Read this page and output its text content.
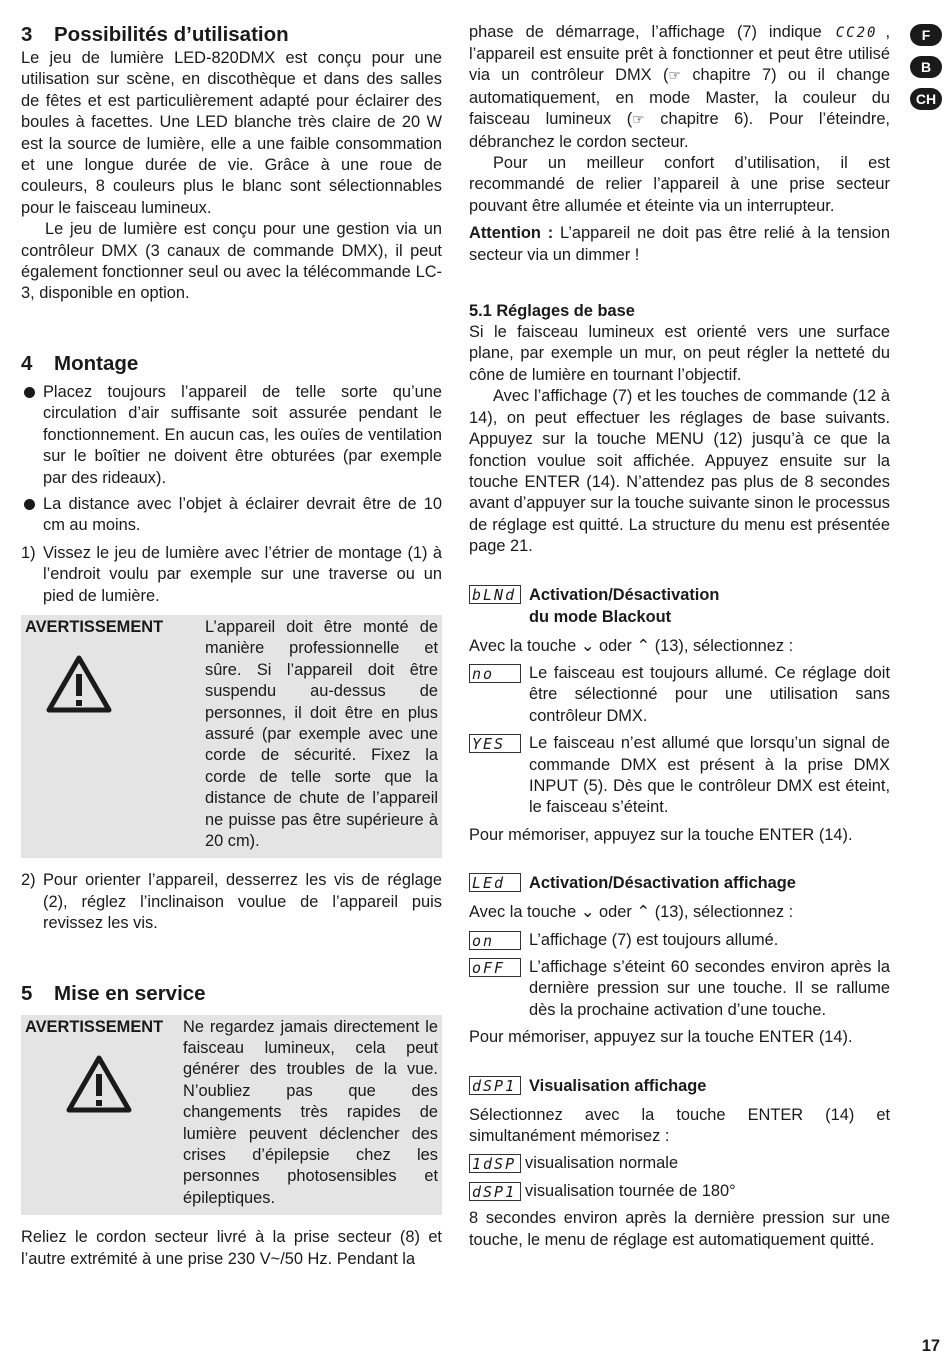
3 Possibilités d’utilisation

Le jeu de lumière LED-820DMX est conçu pour une utilisation sur scène, en discothèque et dans des salles de fêtes et est particulièrement adapté pour éclairer des boules à facettes. Une LED blanche très claire de 20 W est la source de lumière, elle a une faible consommation et une longue durée de vie. Grâce à une roue de couleurs, 8 couleurs plus le blanc sont sélectionnables pour le faisceau lumineux.

Le jeu de lumière est conçu pour une gestion via un contrôleur DMX (3 canaux de commande DMX), il peut également fonctionner seul ou avec la télécommande LC-3, disponible en option.

4 Montage
Placez toujours l’appareil de telle sorte qu’une circulation d’air suffisante soit assurée pendant le fonctionnement. En aucun cas, les ouïes de ventilation sur le boîtier ne doivent être obturées (par exemple par des rideaux).
La distance avec l’objet à éclairer devrait être de 10 cm au moins.
1) Vissez le jeu de lumière avec l’étrier de montage (1) à l’endroit voulu par exemple sur une traverse ou un pied de lumière.
AVERTISSEMENT	L’appareil doit être monté de manière professionnelle et sûre. Si l’appareil doit être suspendu au-dessus de personnes, il doit être en plus assuré (par exemple avec une corde de sécurité. Fixez la corde de telle sorte que la distance de chute de l’appareil ne puisse pas être supérieure à 20 cm).
2) Pour orienter l’appareil, desserrez les vis de réglage (2), réglez l’inclinaison voulue de l’appareil puis revissez les vis.
5 Mise en service
AVERTISSEMENT	Ne regardez jamais directement le faisceau lumineux, cela peut générer des troubles de la vue. N’oubliez pas que des changements très rapides de lumière peuvent déclencher des crises d’épilepsie chez les personnes photosensibles et épileptiques.

Reliez le cordon secteur livré à la prise secteur (8) et l’autre extrémité à une prise 230 V~/50 Hz. Pendant la

phase de démarrage, l’affichage (7) indique CC20 , l’appareil est ensuite prêt à fonctionner et peut être utilisé via un contrôleur DMX (☞ chapitre 7) ou il change automatiquement, en mode Master, la couleur du faisceau lumineux (☞ chapitre 6). Pour l’éteindre, débranchez le cordon secteur.

Pour un meilleur confort d’utilisation, il est recommandé de relier l’appareil à une prise secteur pouvant être allumée et éteinte via un interrupteur.

Attention : L’appareil ne doit pas être relié à la tension secteur via un dimmer !

5.1 Réglages de base

Si le faisceau lumineux est orienté vers une surface plane, par exemple un mur, on peut régler la netteté du cône de lumière en tournant l’objectif.

Avec l’affichage (7) et les touches de commande (12 à 14), on peut effectuer les réglages de base suivants. Appuyez sur la touche MENU (12) jusqu’à ce que la fonction voulue soit affichée. Appuyez ensuite sur la touche ENTER (14). N’attendez pas plus de 8 secondes avant d’appuyer sur la touche suivante sinon le processus de réglage est quitté. La structure du menu est présentée page 21.

bLNd Activation/Désactivation
du mode Blackout

Avec la touche ⌄ oder ⌃ (13), sélectionnez :

no	Le faisceau est toujours allumé. Ce réglage doit être sélectionné pour une utilisation sans contrôleur DMX.
YES	Le faisceau n’est allumé que lorsqu’un signal de commande DMX est présent à la prise DMX INPUT (5). Dès que le contrôleur DMX est éteint, le faisceau s’éteint.

Pour mémoriser, appuyez sur la touche ENTER (14).

LEd	Activation/Désactivation affichage

Avec la touche ⌄ oder ⌃ (13), sélectionnez :

on	L’affichage (7) est toujours allumé.
oFF	L’affichage s’éteint 60 secondes environ après la dernière pression sur une touche. Il se rallume dès la prochaine activation d’une touche.

Pour mémoriser, appuyez sur la touche ENTER (14).

dSP1 Visualisation affichage

Sélectionnez avec la touche ENTER (14) et simultanément mémorisez :

1dSP visualisation normale
dSP1 visualisation tournée de 180°

8 secondes environ après la dernière pression sur une touche, le menu de réglage est automatiquement quitté.

F
B
CH
17
